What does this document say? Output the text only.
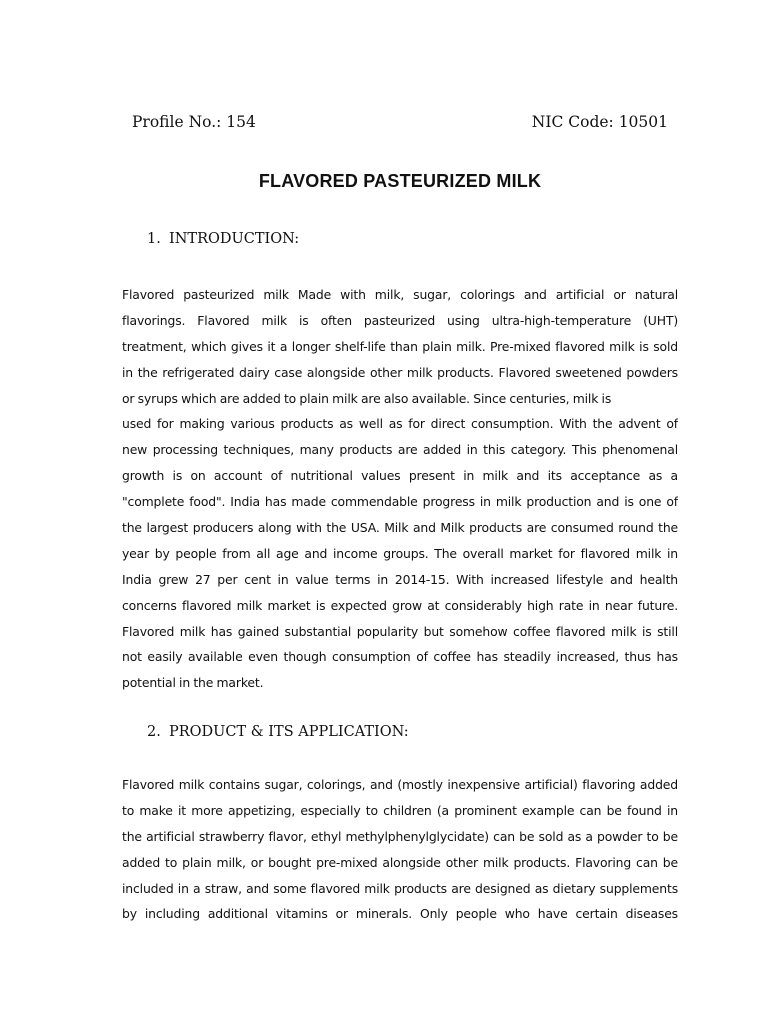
Profile No.: 154	NIC Code: 10501
FLAVORED PASTEURIZED MILK
1. INTRODUCTION:
Flavored pasteurized milk Made with milk, sugar, colorings and artificial or natural
flavorings. Flavored milk is often pasteurized using ultra-high-temperature (UHT)
treatment, which gives it a longer shelf-life than plain milk. Pre-mixed flavored milk is sold
in the refrigerated dairy case alongside other milk products. Flavored sweetened powders
or syrups which are added to plain milk are also available. Since centuries, milk is
used for making various products as well as for direct consumption. With the advent of
new processing techniques, many products are added in this category. This phenomenal
growth is on account of nutritional values present in milk and its acceptance as a
"complete food". India has made commendable progress in milk production and is one of
the largest producers along with the USA. Milk and Milk products are consumed round the
year by people from all age and income groups. The overall market for flavored milk in
India grew 27 per cent in value terms in 2014-15. With increased lifestyle and health
concerns flavored milk market is expected grow at considerably high rate in near future.
Flavored milk has gained substantial popularity but somehow coffee flavored milk is still
not easily available even though consumption of coffee has steadily increased, thus has
potential in the market.
2. PRODUCT & ITS APPLICATION:
Flavored milk contains sugar, colorings, and (mostly inexpensive artificial) flavoring added
to make it more appetizing, especially to children (a prominent example can be found in
the artificial strawberry flavor, ethyl methylphenylglycidate) can be sold as a powder to be
added to plain milk, or bought pre-mixed alongside other milk products. Flavoring can be
included in a straw, and some flavored milk products are designed as dietary supplements
by including additional vitamins or minerals. Only people who have certain diseases
